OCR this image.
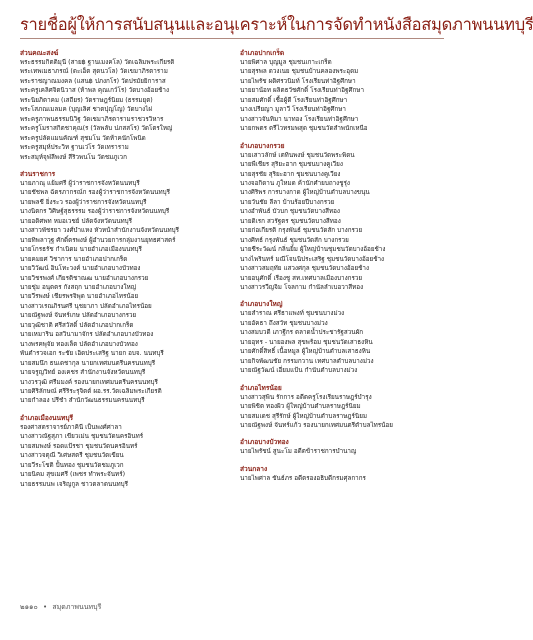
รายชื่อผู้ให้การสนับสนุนและอนุเคราะห์ในการจัดทำหนังสือสมุดภาพนนทบุรี
ส่วนคณะสงฆ์
พระธรรมกิตติมุนี (สาย฿ ฐานเมงคโล) วัดเฉลิมพระเกียรติ
พระเทพเมธาภรณ์ (ดะเอ็ต สุดนวโล) วัดเขมาภิรตาราม
พระราชญาณมงคล (แสน฿ ปภงกโร) วัดปรมัยยิการาส
พระครูเคลิศจิตนิวาส (ห้าพล คุณเกว์โร) วัดบางอ้อยช้าง
พระนิยภิตาคม (เสถียร) วัดราษฎร์นิยม (ธรรมยุต)
พระโสภณเมลมค (บุญเลิศ ชาตปุญโญ) วัดบางไผ่
พระครูภาพนธรรมนิวิฐ วัดเชมาภิรตารามราชวรวิหาร
พระครูโมราสกิตชาคุณ(ร (วัลพลับ ปภสสโร) วัดโตรใหญ่
พระครูปลัดแมนคัณฑ์ สุชมโน วัดห้าคนักโพนิด
พระครูสมุห์ประวิท ฐานเว่โร วัดเทราราม
พระสมุห์จุฬลีพงษ์ สีริวพนโน วัดชมภูเวก
ส่วนราชการ
นายภาณุ แย้มศรี ผู้ว่าราชการจังหวัดนนทบุรี
นายชัชพล ฉัตรภากรณ์ก รองผู้ว่าราชการจังหวัดนนทบุรี
นายพลชี ยิ่งระว รองผู้ว่าราชการจังหวัดนนทบุรี
นางนิตกร วิศิษฐ์สุธรรรม รองผู้ว่าราชการจังหวัดนนทบุรี
นายอดิศพท หมอเวชย์ ปลัดจังหวัดนนทบุรี
นางสาวพัชรยา วงศ์บำแหง หัวหน้าสำนักงานจังหวัดนนทบุรี
นายทิพลาวุฐ ศักดิ์ตรพงษ์ ผู้อำนวยการกลุ่มงานยุทธศาสตร์
นายโกรธรัช กำเนิดม นายอำเภอเมืองนนทบุรี
นายคมยศ วิชาการ นายอำเภอปากเกร็ด
นายวิวัฒน์ อินโทะวงค์ นายอำเภอบางบัวทอง
นายวิชรพงศ์ เกียรติชาณฒ นายอำเภอบางกรวย
นายชุ่ม อนุตตร กังสฤก นายอำเภอบางใหญ่
นายวีรพงษ์ เชียรพรจิพุด นายอำเภอไทรน้อย
นางสาวเรณภิรนศรี นุชยาภา ปลัดอำเภอไทรน้อย
นายณัฐพงษ์ จันทร์เกษ ปลัดอำเภอบางกรวย
นายวุฒิชาติ ศรีสวัสดิ์ ปลัดอำเภอปากเกร็ด
นายเหมาริน อสวินามาจักร ปลัดอำเภอบางบัวทอง
นางพรคพุจัย ทองเล็ต ปลัดอำเภอบางบัวทอง
พันตำรวจเอก ระชัย เอิดประเสริฐ นายก อบจ. นนทบุรี
นายสมนึก ธนเดชากุล นายกเทศมนตรีนครนนทบุรี
นายจรูญวิทย์ องเคชร สำนักงานจังหวัดนนทบุรี
นางวรวุฒิ ศรีมมงค์ รองนายกเทศมนตรีนครนนทบุรี
นายศิริลักษณ์ ศรีริระรุจิตต์ ผอ.รร.วัดเฉลิมพระเกียรติ
นายกำลอง ปรีชำ สำนักวัฒนธรรมนครนนทบุรี
อำเภอเมืองนนทบุรี
รองศาสตราจารย์ภาคินี เป็นพงศ์ศาลา
นางสาวณัฐสุภา เขียวเม่น ชุมชนวัดนครอินทร์
นายสมพงษ์ รอดแป้รชา ชุมชนวัดนครอินทร์
นางสาวจตุณี วิเศษสตรี ชุมชนวัดเขียน
นายวีระโชติ ปั้นทอง ชุมชนวัดชมภูเวก
นายนิคม สุขเมศรี (เพชร ทำพระจันทร์)
นายธรรมนพ เจริญกูล ชาวตลาดนนทบุรี
อำเภอปากเกร็ด
นายพิศาล บุญมูล ชุมชนเกาะเกร็ด
นายสุรพล ดวงเนย ชุมชนบ้านคลองพระอุดม
นายไพรัช ผดิศรวนิมท์ โรงเรียนท่าอิฐศึกษา
นายยาน้อท ผลิตธวัชศักดิ์ โรงเรียนท่าอิฐศึกษา
นายสมศักดิ์ เชื้อผู้ดี โรงเรียนท่าอิฐศึกษา
นางเปรียญา มูลาวี โรงเรียนท่าอิฐศึกษา
นางสาวจันทิมา นาทอง โรงเรียนท่าอิฐศึกษา
นายกพตร ตรีไวทรมพสุด ชุมชนวัดสำพนักเหนือ
อำเภอบางกรวย
นายเสาวลักษ์ เตทินพงษ์ ชุมชนวัดพระพิดน
นายพืเชียร สุริยะฮาก ชุมชนบางคูเวียง
นายสุรชัย สุริยะฮาก ชุมชนบางคูเวียง
นางจอกิดาน ภูใหมด ค้านักศำยบถางชูรุ่ง
นางศิริพร การบางกาด ผู้ใหญ่บ้านตำบลบางขนุน
นายวันชัย ลีลา บ้านร้อยปีบางกรวย
นางอำพันธ์ บัวบก ชุมชนวัดบางสีทอง
นายดิเรก สวรัฐตร ชุมชนวัดบางสีทอง
นายก่อเกียรติ กรุงพันธ์ ชุมชนวัดสัก บางกรวย
นางศิทธ์ กรุงพันธ์ ชุมชนวัดสัก บางกรวย
นายชีระวัฒน์ กลิ่นยิ้ม ผู้ใหญ่บ้านชุมชนวัดบางอ้อยช้าง
นางไพรินทร์ มณีโจนนิประเสริฐ ชุมชนวัดบางอ้อยช้าง
นางสาวสมฤทัย แสวงศกุล ชุมชนวัดบางอ้อยช้าง
นายอนุศักดิ์ เรืองชู สท.เทศบาลเมืองบางกรวย
นางสาวรวีญจิม โจลกาม กำนัลลำเบอวาสีทอง
อำเภอบางใหญ่
นายสำราณ ศรีธาแพงท์ ชุมชนบางม่วง
นายอัคธา ถึงสวัท ชุมชนบางม่วง
นางสมบวดี เภาฐีกร ตลาดน้ำประชารัฐสวนผัก
นายอุทร - นายองพล สุขพร้อม ชุมชนวัดเสาธงหิน
นายศักดิ์สิทธิ์ เนื้อหมูล ผู้ใหญ่บ้านตำบลเสาธงหิน
นายกิจพัฒนชัย กรรมกวาน เทศบาลตำบลบางม่วง
นายณัฐวัฒน์ เอี่ยมแป้น กำนันตำบลบางม่วง
อำเภอไทรน้อย
นางสาวสุพิน รักการ อดีตครูโรงเรียนราษฎร์บำรุง
นายพิชิต ทองผิว ผู้ใหญ่บ้านตำบลราษฎร์นิยม
นายสมเดช สุรีรักษ์ ผู้ใหญ่บ้านตำบลราษฎร์นิยม
นายณัฐพงษ์ จันทร์แก้ว รองนายกเทศมนตรีตำบลไทรน้อย
อำเภอบางบัวทอง
นายไพรัชน์ สูนะโม อดีตข้าราชการบำนาญ
ส่วนกลาง
นายไพศาล ขันธ์ภร อดีตรองอธิบดีกรมศุลกากร
๒๑๑๐ • สมุดภาพนนทบุรี
